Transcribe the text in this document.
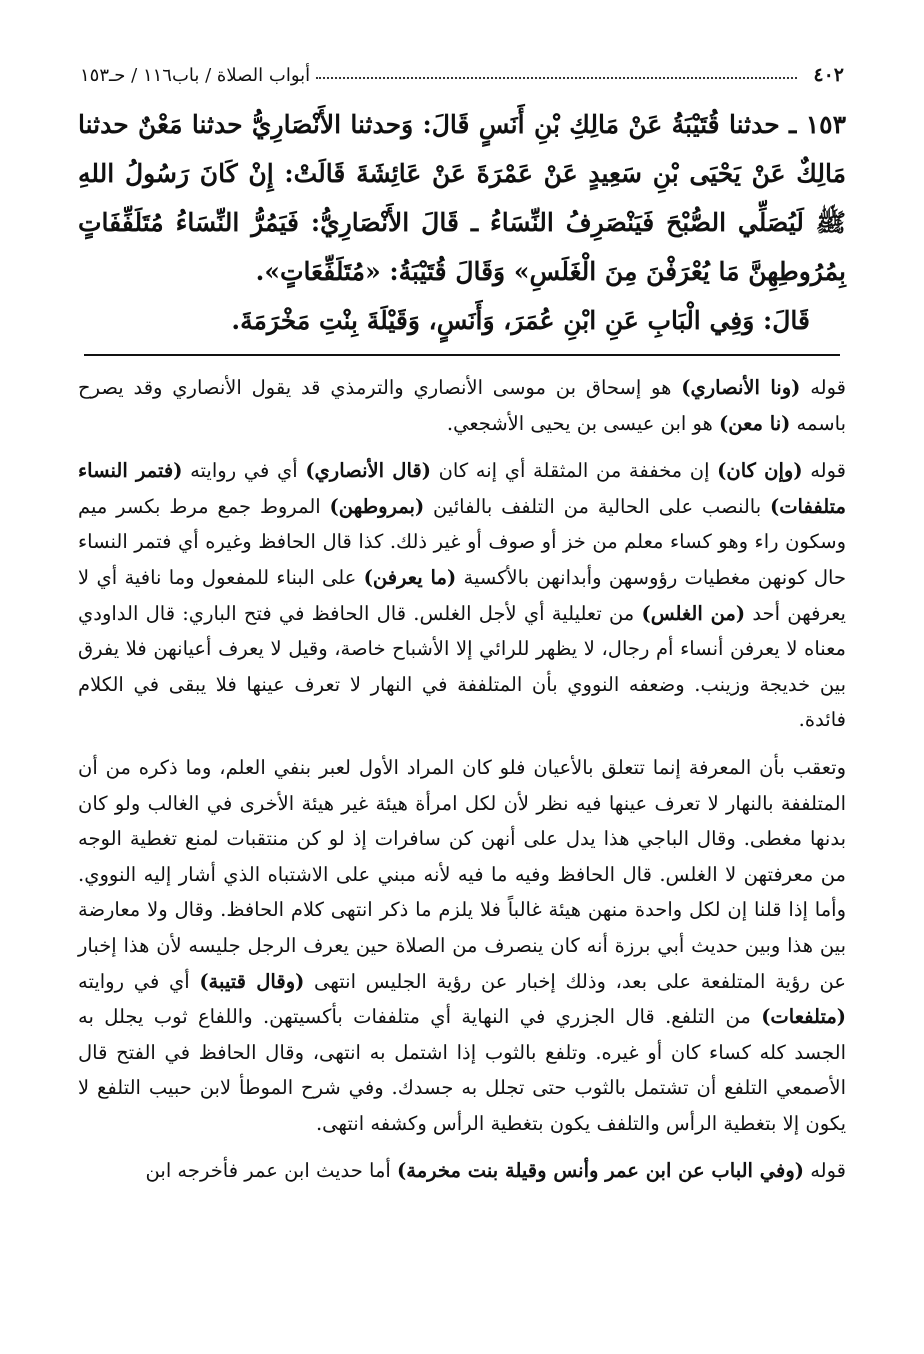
٤٠٢
أبواب الصلاة / باب١١٦ / حـ١٥٣

١٥٣ ـ حدثنا قُتَيْبَةُ عَنْ مَالِكِ بْنِ أَنَسٍ قَالَ: وَحدثنا الأَنْصَارِيُّ حدثنا مَعْنٌ حدثنا مَالِكٌ عَنْ يَحْيَى بْنِ سَعِيدٍ عَنْ عَمْرَةَ عَنْ عَائِشَةَ قَالَتْ: إِنْ كَانَ رَسُولُ اللهِ ﷺ لَيُصَلِّي الصُّبْحَ فَيَنْصَرِفُ النِّسَاءُ ـ قَالَ الأَنْصَارِيُّ: فَيَمُرُّ النِّسَاءُ مُتَلَفِّفَاتٍ بِمُرُوطِهِنَّ مَا يُعْرَفْنَ مِنَ الْغَلَسِ» وَقَالَ قُتَيْبَةُ: «مُتَلَفِّعَاتٍ».

قَالَ: وَفِي الْبَابِ عَنِ ابْنِ عُمَرَ، وَأَنَسٍ، وَقَيْلَةَ بِنْتِ مَخْرَمَةَ.

قوله (ونا الأنصاري) هو إسحاق بن موسى الأنصاري والترمذي قد يقول الأنصاري وقد يصرح باسمه (نا معن) هو ابن عيسى بن يحيى الأشجعي.

قوله (وإن كان) إن مخففة من المثقلة أي إنه كان (قال الأنصاري) أي في روايته (فتمر النساء متلففات) بالنصب على الحالية من التلفف بالفائين (بمروطهن) المروط جمع مرط بكسر ميم وسكون راء وهو كساء معلم من خز أو صوف أو غير ذلك. كذا قال الحافظ وغيره أي فتمر النساء حال كونهن مغطيات رؤوسهن وأبدانهن بالأكسية (ما يعرفن) على البناء للمفعول وما نافية أي لا يعرفهن أحد (من الغلس) من تعليلية أي لأجل الغلس. قال الحافظ في فتح الباري: قال الداودي معناه لا يعرفن أنساء أم رجال، لا يظهر للرائي إلا الأشباح خاصة، وقيل لا يعرف أعيانهن فلا يفرق بين خديجة وزينب. وضعفه النووي بأن المتلففة في النهار لا تعرف عينها فلا يبقى في الكلام فائدة.

وتعقب بأن المعرفة إنما تتعلق بالأعيان فلو كان المراد الأول لعبر بنفي العلم، وما ذكره من أن المتلففة بالنهار لا تعرف عينها فيه نظر لأن لكل امرأة هيئة غير هيئة الأخرى في الغالب ولو كان بدنها مغطى. وقال الباجي هذا يدل على أنهن كن سافرات إذ لو كن منتقبات لمنع تغطية الوجه من معرفتهن لا الغلس. قال الحافظ وفيه ما فيه لأنه مبني على الاشتباه الذي أشار إليه النووي. وأما إذا قلنا إن لكل واحدة منهن هيئة غالباً فلا يلزم ما ذكر انتهى كلام الحافظ. وقال ولا معارضة بين هذا وبين حديث أبي برزة أنه كان ينصرف من الصلاة حين يعرف الرجل جليسه لأن هذا إخبار عن رؤية المتلفعة على بعد، وذلك إخبار عن رؤية الجليس انتهى (وقال قتيبة) أي في روايته (متلفعات) من التلفع. قال الجزري في النهاية أي متلففات بأكسيتهن. واللفاع ثوب يجلل به الجسد كله كساء كان أو غيره. وتلفع بالثوب إذا اشتمل به انتهى، وقال الحافظ في الفتح قال الأصمعي التلفع أن تشتمل بالثوب حتى تجلل به جسدك. وفي شرح الموطأ لابن حبيب التلفع لا يكون إلا بتغطية الرأس والتلفف يكون بتغطية الرأس وكشفه انتهى.

قوله (وفي الباب عن ابن عمر وأنس وقيلة بنت مخرمة) أما حديث ابن عمر فأخرجه ابن
